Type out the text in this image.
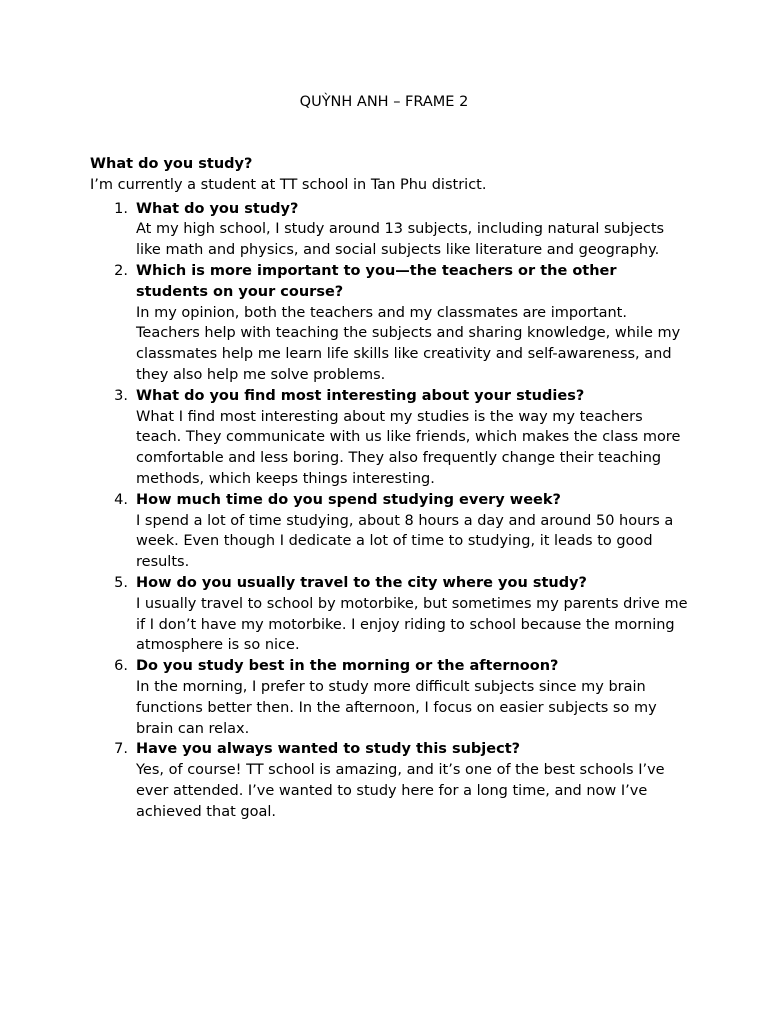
QUỲNH ANH – FRAME 2

What do you study?

I’m currently a student at TT school in Tan Phu district.

1. What do you study?
At my high school, I study around 13 subjects, including natural subjects like math and physics, and social subjects like literature and geography.
2. Which is more important to you—the teachers or the other students on your course?
In my opinion, both the teachers and my classmates are important. Teachers help with teaching the subjects and sharing knowledge, while my classmates help me learn life skills like creativity and self-awareness, and they also help me solve problems.
3. What do you find most interesting about your studies?
What I find most interesting about my studies is the way my teachers teach. They communicate with us like friends, which makes the class more comfortable and less boring. They also frequently change their teaching methods, which keeps things interesting.
4. How much time do you spend studying every week?
I spend a lot of time studying, about 8 hours a day and around 50 hours a week. Even though I dedicate a lot of time to studying, it leads to good results.
5. How do you usually travel to the city where you study?
I usually travel to school by motorbike, but sometimes my parents drive me if I don’t have my motorbike. I enjoy riding to school because the morning atmosphere is so nice.
6. Do you study best in the morning or the afternoon?
In the morning, I prefer to study more difficult subjects since my brain functions better then. In the afternoon, I focus on easier subjects so my brain can relax.
7. Have you always wanted to study this subject?
Yes, of course! TT school is amazing, and it’s one of the best schools I’ve ever attended. I’ve wanted to study here for a long time, and now I’ve achieved that goal.
